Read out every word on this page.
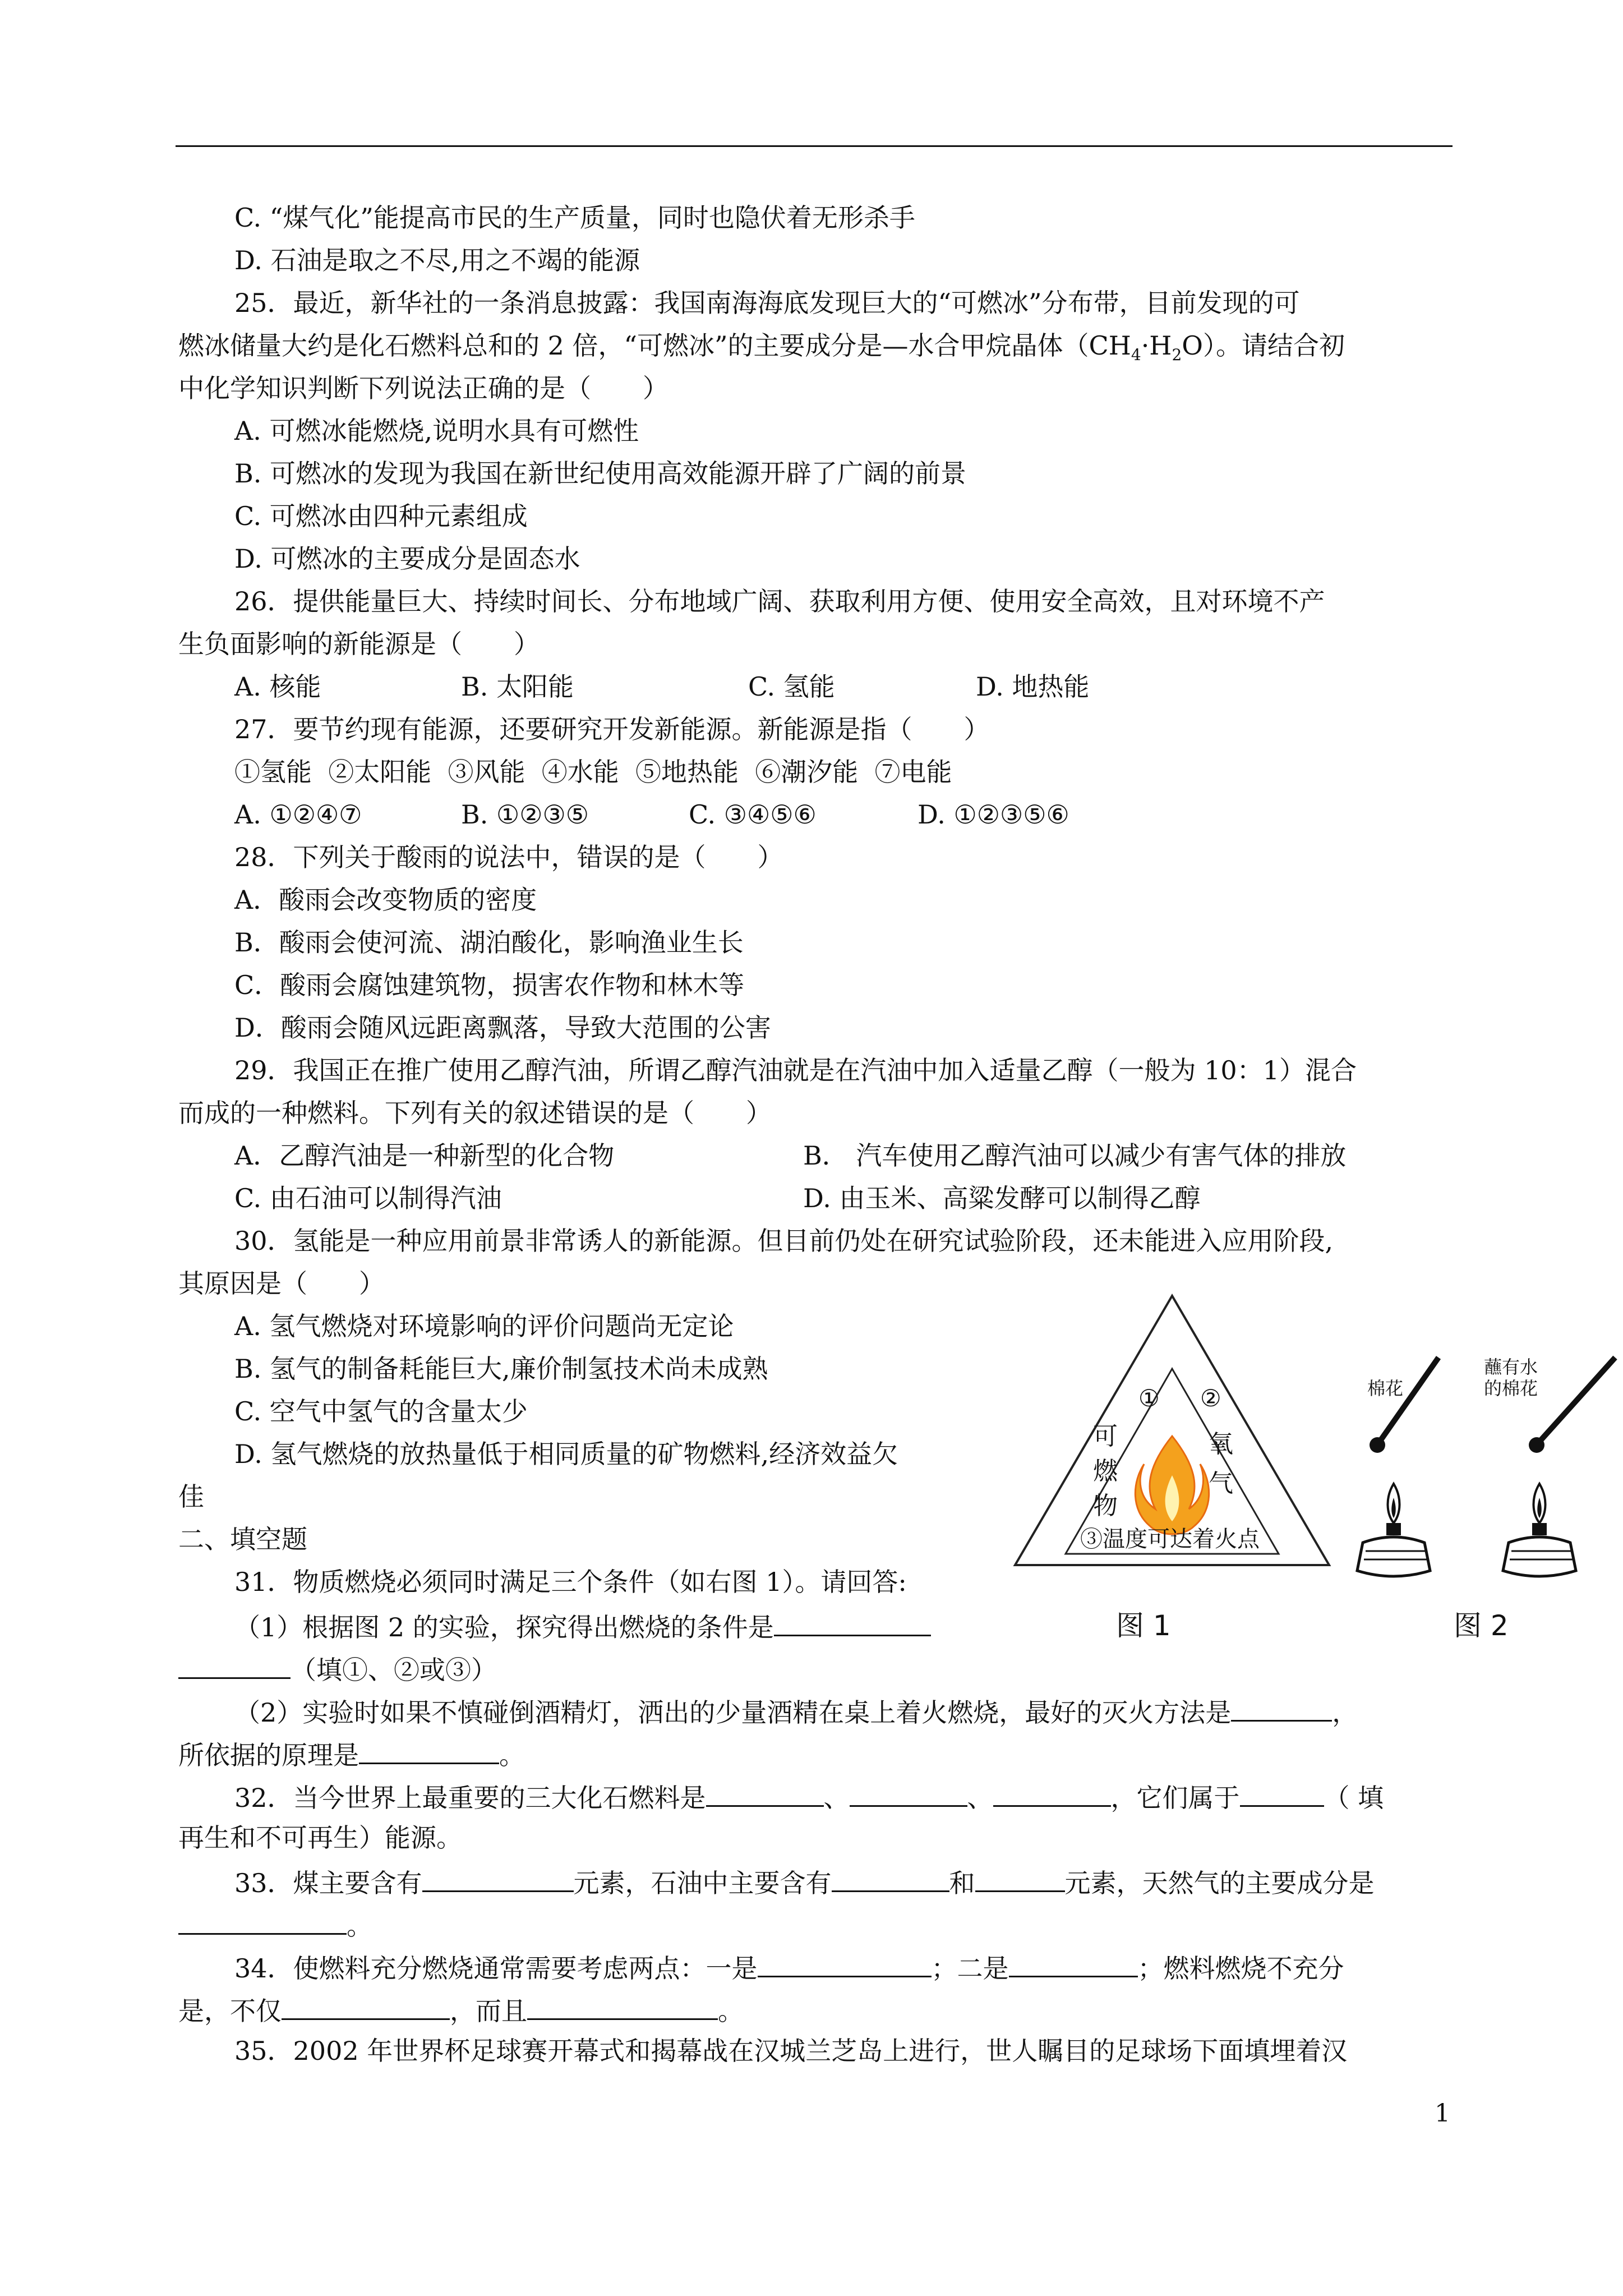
C. “煤气化”能提高市民的生产质量，同时也隐伏着无形杀手
D. 石油是取之不尽,用之不竭的能源
25．最近，新华社的一条消息披露：我国南海海底发现巨大的“可燃冰”分布带，目前发现的可
燃冰储量大约是化石燃料总和的 2 倍，“可燃冰”的主要成分是—水合甲烷晶体$(CH_4\cdot H_2O)$。请结合初
中化学知识判断下列说法正确的是（　　）
A. 可燃冰能燃烧,说明水具有可燃性
B. 可燃冰的发现为我国在新世纪使用高效能源开辟了广阔的前景
C. 可燃冰由四种元素组成
D. 可燃冰的主要成分是固态水
26．提供能量巨大、持续时间长、分布地域广阔、获取利用方便、使用安全高效，且对环境不产
生负面影响的新能源是（　　）
A. 核能	B. 太阳能	C. 氢能	D. 地热能
27．要节约现有能源，还要研究开发新能源。新能源是指（　　）
①氢能  ②太阳能  ③风能  ④水能  ⑤地热能  ⑥潮汐能  ⑦电能
A. ①②④⑦	B. ①②③⑤	C. ③④⑤⑥	D. ①②③⑤⑥
28．下列关于酸雨的说法中，错误的是（　　）
A．酸雨会改变物质的密度
B．酸雨会使河流、湖泊酸化，影响渔业生长
C．酸雨会腐蚀建筑物，损害农作物和林木等
D．酸雨会随风远距离飘落，导致大范围的公害
29．我国正在推广使用乙醇汽油，所谓乙醇汽油就是在汽油中加入适量乙醇（一般为 10：1）混合
而成的一种燃料。下列有关的叙述错误的是（　　）
A．乙醇汽油是一种新型的化合物	B． 汽车使用乙醇汽油可以减少有害气体的排放
C. 由石油可以制得汽油	D. 由玉米、高粱发酵可以制得乙醇
30．氢能是一种应用前景非常诱人的新能源。但目前仍处在研究试验阶段，还未能进入应用阶段,
其原因是（　　）
A. 氢气燃烧对环境影响的评价问题尚无定论
B. 氢气的制备耗能巨大,廉价制氢技术尚未成熟
C. 空气中氢气的含量太少
D. 氢气燃烧的放热量低于相同质量的矿物燃料,经济效益欠
佳
二、填空题
31．物质燃烧必须同时满足三个条件（如右图 1）。请回答:
（1）根据图 2 的实验，探究得出燃烧的条件是
（填①、②或③）
（2）实验时如果不慎碰倒酒精灯，洒出的少量酒精在桌上着火燃烧，最好的灭火方法是	，
所依据的原理是	。
32．当今世界上最重要的三大化石燃料是	、	、	，它们属于	（ 填
再生和不可再生）能源。
33．煤主要含有	元素，石油中主要含有	和	元素，天然气的主要成分是
。
34．使燃料充分燃烧通常需要考虑两点：一是	；二是	；燃料燃烧不充分
是，不仅	，而且	。
35．2002 年世界杯足球赛开幕式和揭幕战在汉城兰芝岛上进行，世人瞩目的足球场下面填埋着汉
①
可
燃
物
②
氧
气
③温度可达着火点
图 1
棉花
蘸有水
的棉花
图 2
1
